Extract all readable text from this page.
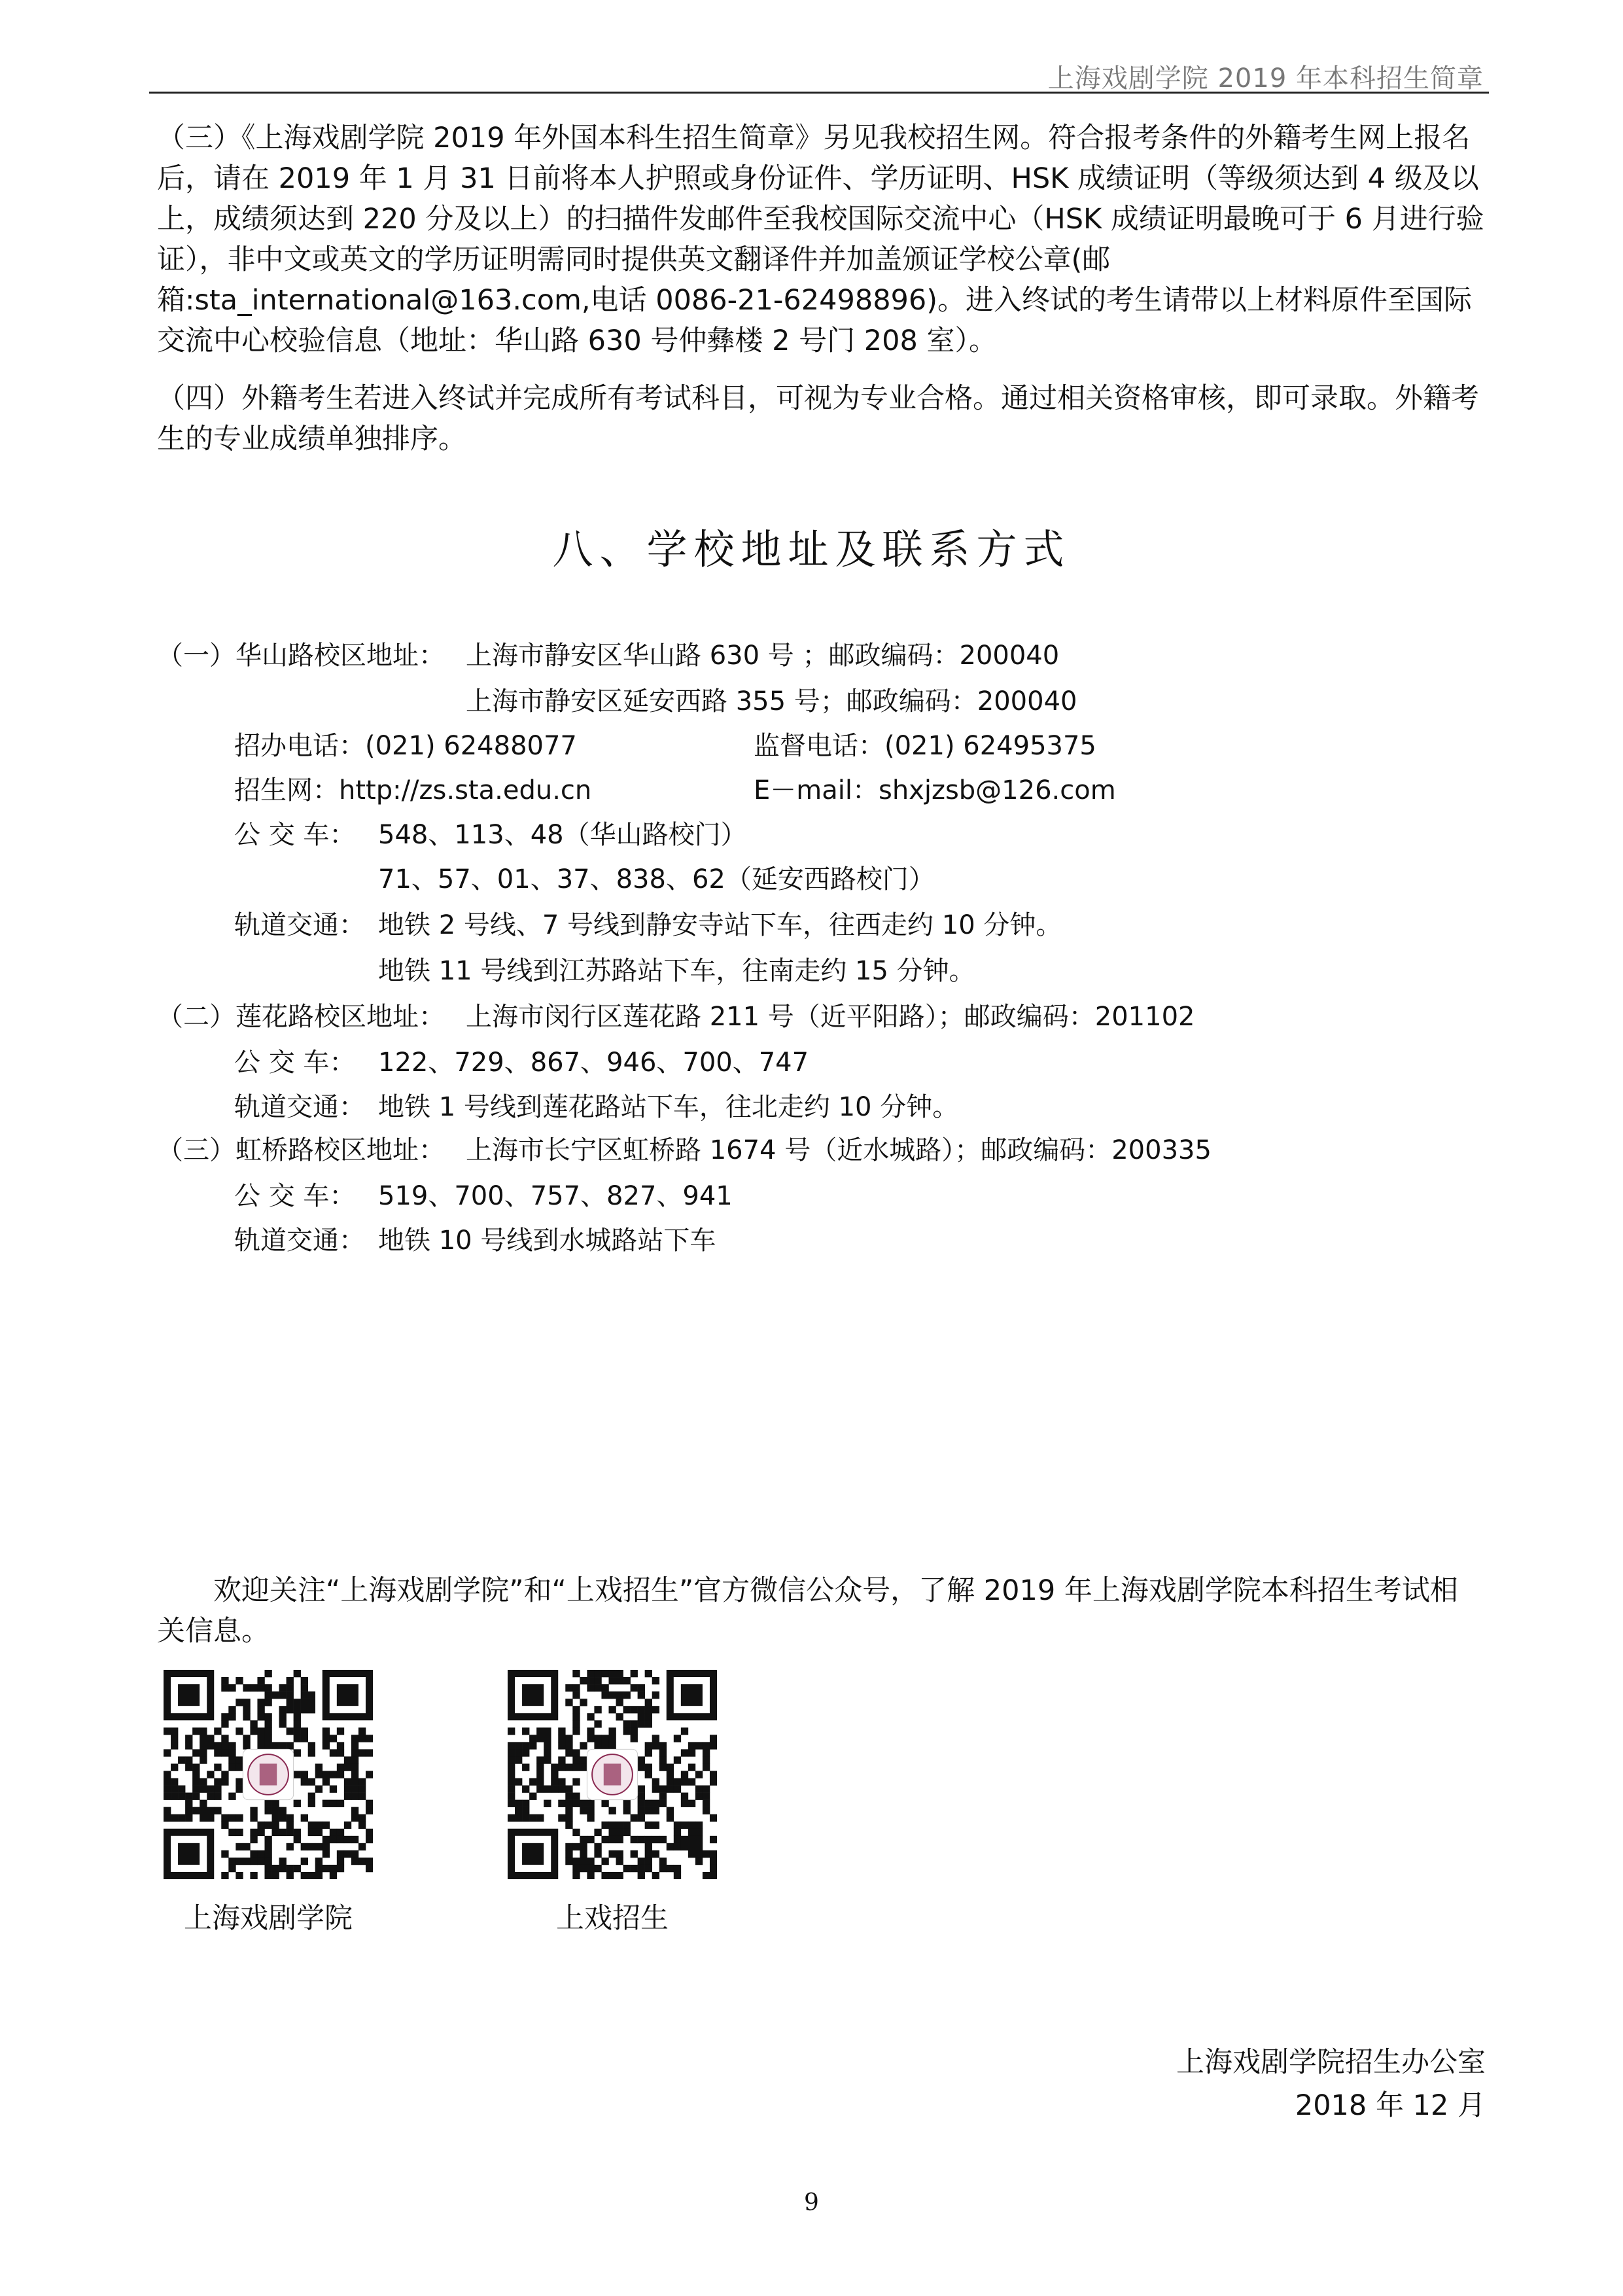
上海戏剧学院 2019 年本科招生简章
（三）《上海戏剧学院 2019 年外国本科生招生简章》另见我校招生网。符合报考条件的外籍考生网上报名后，请在 2019 年 1 月 31 日前将本人护照或身份证件、学历证明、HSK 成绩证明（等级须达到 4 级及以上，成绩须达到 220 分及以上）的扫描件发邮件至我校国际交流中心（HSK 成绩证明最晚可于 6 月进行验证），非中文或英文的学历证明需同时提供英文翻译件并加盖颁证学校公章(邮箱:sta_international@163.com,电话 0086-21-62498896)。进入终试的考生请带以上材料原件至国际交流中心校验信息（地址：华山路 630 号仲彝楼 2 号门 208 室）。
（四）外籍考生若进入终试并完成所有考试科目，可视为专业合格。通过相关资格审核，即可录取。外籍考生的专业成绩单独排序。
八、学校地址及联系方式
（一）华山路校区地址： 上海市静安区华山路 630 号 ；邮政编码：200040
上海市静安区延安西路 355 号；邮政编码：200040
招办电话：(021) 62488077	监督电话：(021) 62495375
招生网：http://zs.sta.edu.cn	E－mail：shxjzsb@126.com
公 交 车： 548、113、48（华山路校门）
71、57、01、37、838、62（延安西路校门）
轨道交通： 地铁 2 号线、7 号线到静安寺站下车，往西走约 10 分钟。
地铁 11 号线到江苏路站下车，往南走约 15 分钟。
（二）莲花路校区地址： 上海市闵行区莲花路 211 号（近平阳路）；邮政编码：201102
公 交 车： 122、729、867、946、700、747
轨道交通： 地铁 1 号线到莲花路站下车，往北走约 10 分钟。
（三）虹桥路校区地址： 上海市长宁区虹桥路 1674 号（近水城路）；邮政编码：200335
公 交 车： 519、700、757、827、941
轨道交通： 地铁 10 号线到水城路站下车
欢迎关注“上海戏剧学院”和“上戏招生”官方微信公众号，了解 2019 年上海戏剧学院本科招生考试相关信息。
上海戏剧学院	上戏招生
上海戏剧学院招生办公室
2018 年 12 月
9
